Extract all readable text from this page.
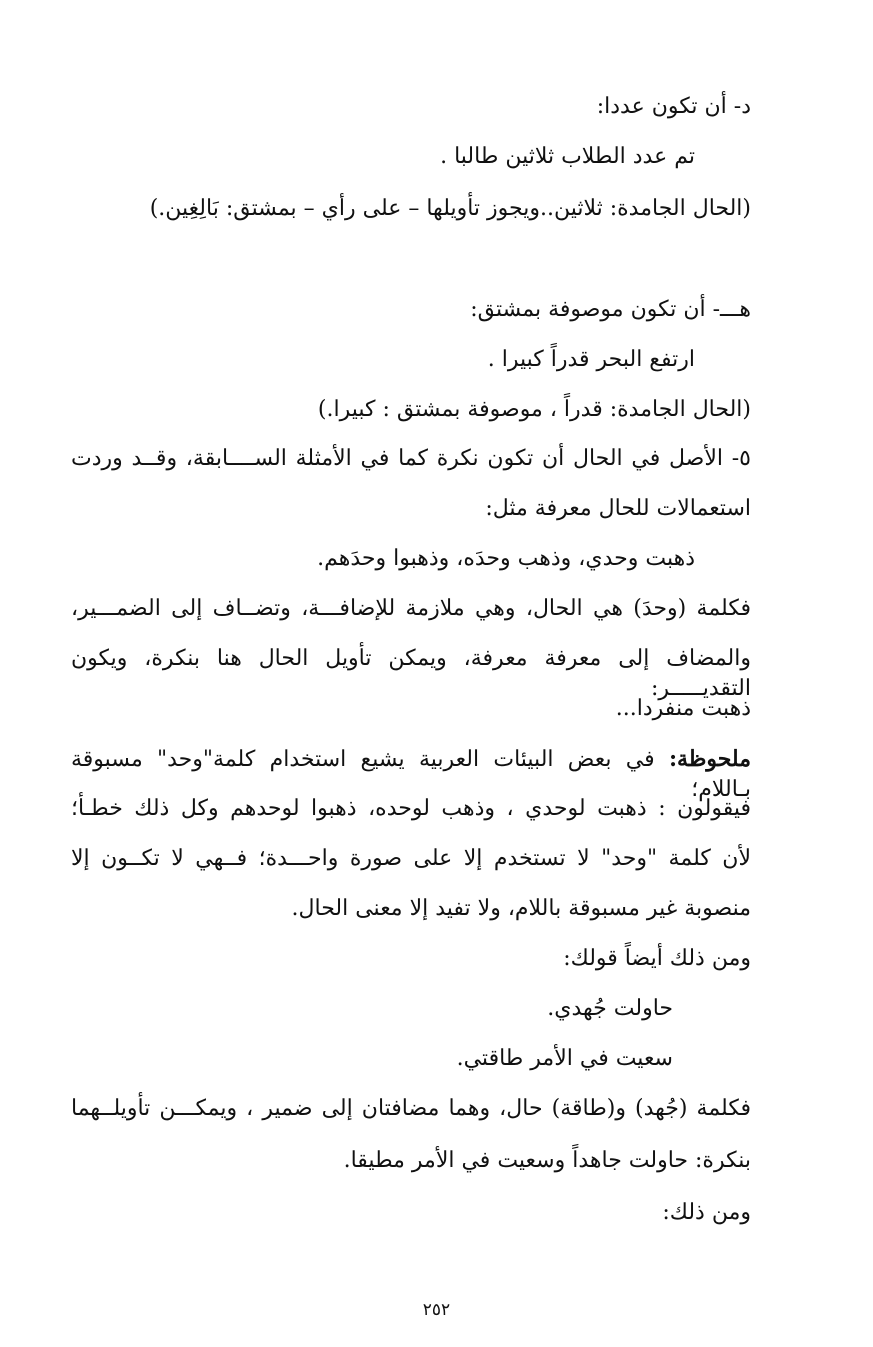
د- أن تكون عددا:
تم عدد الطلاب ثلاثين طالبا .
(الحال الجامدة: ثلاثين..ويجوز تأويلها – على رأي – بمشتق: بَالِغِين.)
هـــ- أن تكون موصوفة بمشتق:
ارتفع البحر قدراً كبيرا .
(الحال الجامدة: قدراً ، موصوفة بمشتق : كبيرا.)
٥- الأصل في الحال أن تكون نكرة كما في الأمثلة الســــابقة، وقــد وردت
استعمالات للحال معرفة مثل:
ذهبت وحدي، وذهب وحدَه، وذهبوا وحدَهم.
فكلمة (وحدَ) هي الحال، وهي ملازمة للإضافـــة، وتضــاف إلى الضمـــير،
والمضاف إلى معرفة معرفة، ويمكن تأويل الحال هنا بنكرة، ويكون التقديـــــر:
ذهبت منفردا...
ملحوظة: في بعض البيئات العربية يشيع استخدام كلمة"وحد" مسبوقة بـاللام؛
فيقولون : ذهبت لوحدي ، وذهب لوحده، ذهبوا لوحدهم وكل ذلك خطـأ؛
لأن كلمة "وحد" لا تستخدم إلا على صورة واحـــدة؛ فــهي لا تكــون إلا
منصوبة غير مسبوقة باللام، ولا تفيد إلا معنى الحال.
ومن ذلك أيضاً قولك:
حاولت جُهدي.
سعيت في الأمر طاقتي.
فكلمة (جُهد) و(طاقة) حال، وهما مضافتان إلى ضمير ، ويمكـــن تأويلــهما
بنكرة: حاولت جاهداً وسعيت في الأمر مطيقا.
ومن ذلك:
٢٥٢
